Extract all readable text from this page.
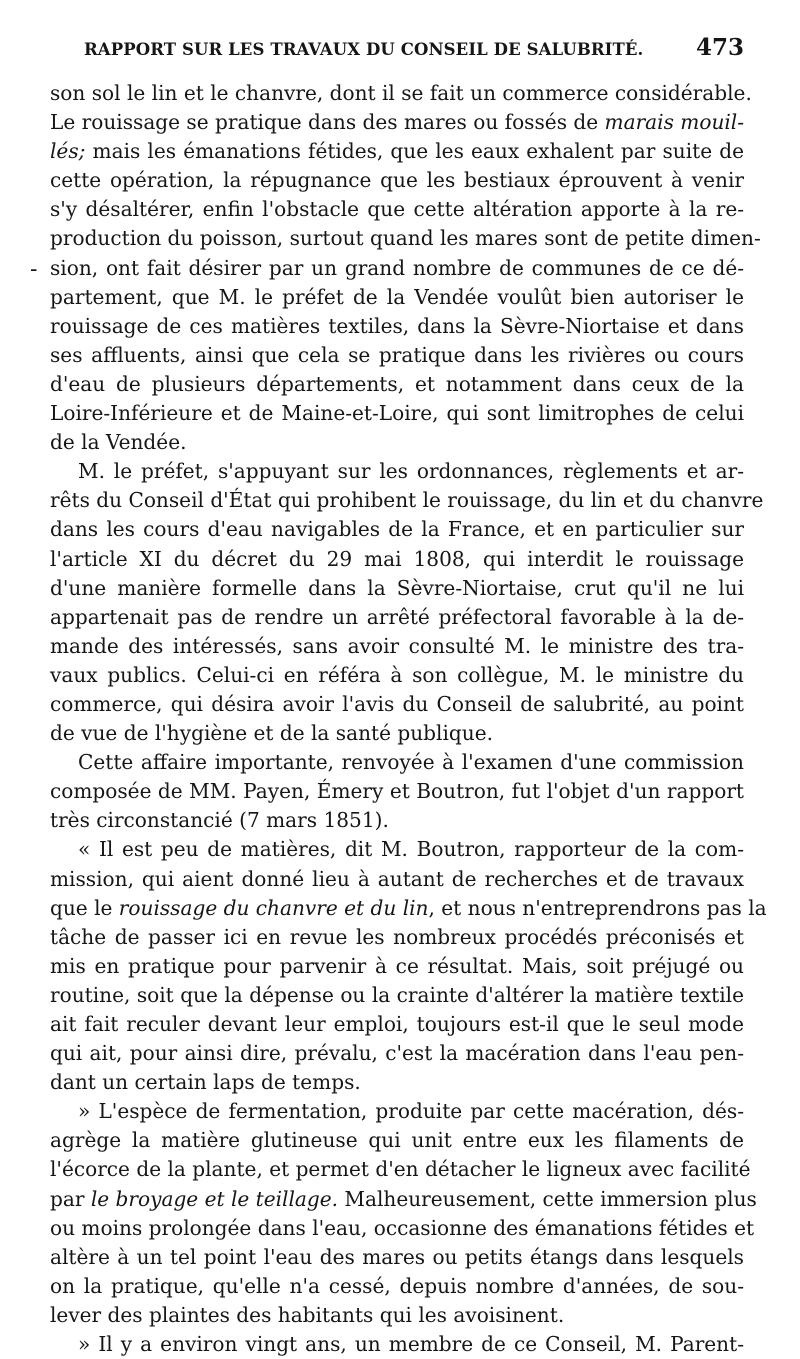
RAPPORT SUR LES TRAVAUX DU CONSEIL DE SALUBRITÉ. 473
-
son sol le lin et le chanvre, dont il se fait un commerce considérable.
Le rouissage se pratique dans des mares ou fossés de marais mouil-
lés; mais les émanations fétides, que les eaux exhalent par suite de
cette opération, la répugnance que les bestiaux éprouvent à venir
s'y désaltérer, enfin l'obstacle que cette altération apporte à la re-
production du poisson, surtout quand les mares sont de petite dimen-
sion, ont fait désirer par un grand nombre de communes de ce dé-
partement, que M. le préfet de la Vendée voulût bien autoriser le
rouissage de ces matières textiles, dans la Sèvre-Niortaise et dans
ses affluents, ainsi que cela se pratique dans les rivières ou cours
d'eau de plusieurs départements, et notamment dans ceux de la
Loire-Inférieure et de Maine-et-Loire, qui sont limitrophes de celui
de la Vendée.
M. le préfet, s'appuyant sur les ordonnances, règlements et ar-
rêts du Conseil d'État qui prohibent le rouissage, du lin et du chanvre
dans les cours d'eau navigables de la France, et en particulier sur
l'article XI du décret du 29 mai 1808, qui interdit le rouissage
d'une manière formelle dans la Sèvre-Niortaise, crut qu'il ne lui
appartenait pas de rendre un arrêté préfectoral favorable à la de-
mande des intéressés, sans avoir consulté M. le ministre des tra-
vaux publics. Celui-ci en référa à son collègue, M. le ministre du
commerce, qui désira avoir l'avis du Conseil de salubrité, au point
de vue de l'hygiène et de la santé publique.
Cette affaire importante, renvoyée à l'examen d'une commission
composée de MM. Payen, Émery et Boutron, fut l'objet d'un rapport
très circonstancié (7 mars 1851).
« Il est peu de matières, dit M. Boutron, rapporteur de la com-
mission, qui aient donné lieu à autant de recherches et de travaux
que le rouissage du chanvre et du lin, et nous n'entreprendrons pas la
tâche de passer ici en revue les nombreux procédés préconisés et
mis en pratique pour parvenir à ce résultat. Mais, soit préjugé ou
routine, soit que la dépense ou la crainte d'altérer la matière textile
ait fait reculer devant leur emploi, toujours est-il que le seul mode
qui ait, pour ainsi dire, prévalu, c'est la macération dans l'eau pen-
dant un certain laps de temps.
» L'espèce de fermentation, produite par cette macération, dés-
agrège la matière glutineuse qui unit entre eux les filaments de
l'écorce de la plante, et permet d'en détacher le ligneux avec facilité
par le broyage et le teillage. Malheureusement, cette immersion plus
ou moins prolongée dans l'eau, occasionne des émanations fétides et
altère à un tel point l'eau des mares ou petits étangs dans lesquels
on la pratique, qu'elle n'a cessé, depuis nombre d'années, de sou-
lever des plaintes des habitants qui les avoisinent.
» Il y a environ vingt ans, un membre de ce Conseil, M. Parent-
